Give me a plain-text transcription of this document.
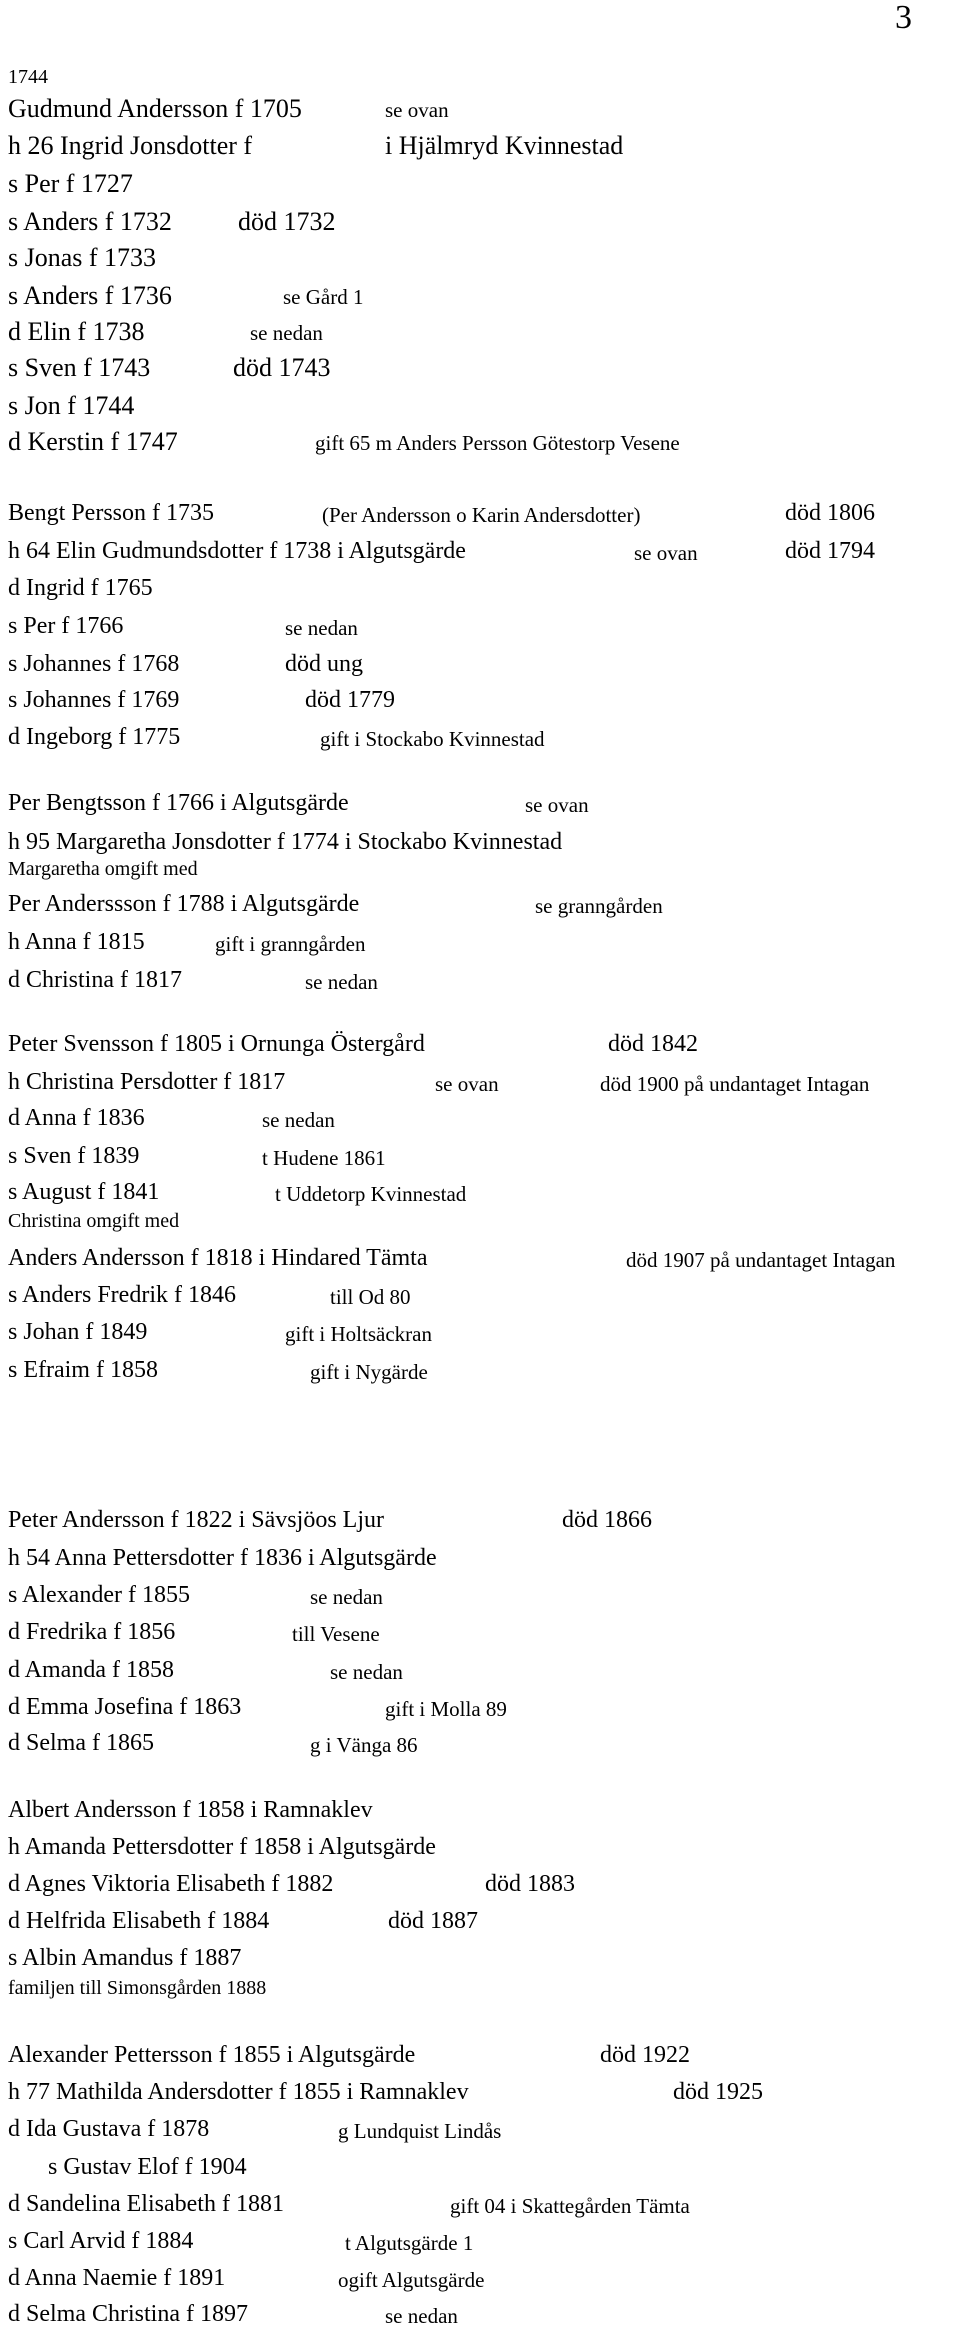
3
1744
Gudmund Andersson f 1705	se ovan
h 26 Ingrid Jonsdotter f	i Hjälmryd Kvinnestad
s Per f 1727
s Anders f 1732	död 1732
s Jonas f 1733
s Anders f 1736	se Gård 1
d Elin f 1738	se nedan
s Sven f 1743	död 1743
s Jon f 1744
d Kerstin f 1747	gift 65 m Anders Persson Götestorp Vesene
Bengt Persson f 1735	(Per Andersson o Karin Andersdotter)	död 1806
h 64 Elin Gudmundsdotter f 1738 i Algutsgärde	se ovan	död 1794
d Ingrid f 1765
s Per f 1766	se nedan
s Johannes f 1768	död ung
s Johannes f 1769	död 1779
d Ingeborg f 1775	gift i Stockabo Kvinnestad
Per Bengtsson f 1766 i Algutsgärde	se ovan
h 95 Margaretha Jonsdotter f 1774 i Stockabo Kvinnestad
Margaretha omgift med
Per Anderssson f 1788 i Algutsgärde	se granngården
h Anna f 1815	gift i granngården
d Christina f 1817	se nedan
Peter Svensson f 1805 i Ornunga Östergård	död 1842
h Christina Persdotter f 1817	se ovan	död 1900 på undantaget Intagan
d Anna f 1836	se nedan
s Sven f 1839	t Hudene 1861
s August f 1841	t Uddetorp Kvinnestad
Christina omgift med
Anders Andersson f 1818 i Hindared Tämta	död 1907 på undantaget Intagan
s Anders Fredrik f 1846	till Od 80
s Johan f 1849	gift i Holtsäckran
s Efraim f 1858	gift i Nygärde
Peter Andersson f 1822 i Sävsjöos Ljur	död 1866
h 54 Anna Pettersdotter f 1836 i Algutsgärde
s Alexander f 1855	se nedan
d Fredrika f 1856	till Vesene
d Amanda f 1858	se nedan
d Emma Josefina f 1863	gift i Molla 89
d Selma f 1865	g i Vänga 86
Albert Andersson f 1858 i Ramnaklev
h Amanda Pettersdotter f 1858 i Algutsgärde
d Agnes Viktoria Elisabeth f 1882	död 1883
d Helfrida Elisabeth f 1884	död 1887
s Albin Amandus f 1887
familjen till Simonsgården 1888
Alexander Pettersson f 1855 i Algutsgärde	död 1922
h 77 Mathilda Andersdotter f 1855 i Ramnaklev	död 1925
d Ida Gustava f 1878	g Lundquist Lindås
s Gustav Elof f 1904
d Sandelina Elisabeth f 1881	gift 04 i Skattegården Tämta
s Carl Arvid f 1884	t Algutsgärde 1
d Anna Naemie f 1891	ogift Algutsgärde
d Selma Christina f 1897	se nedan
